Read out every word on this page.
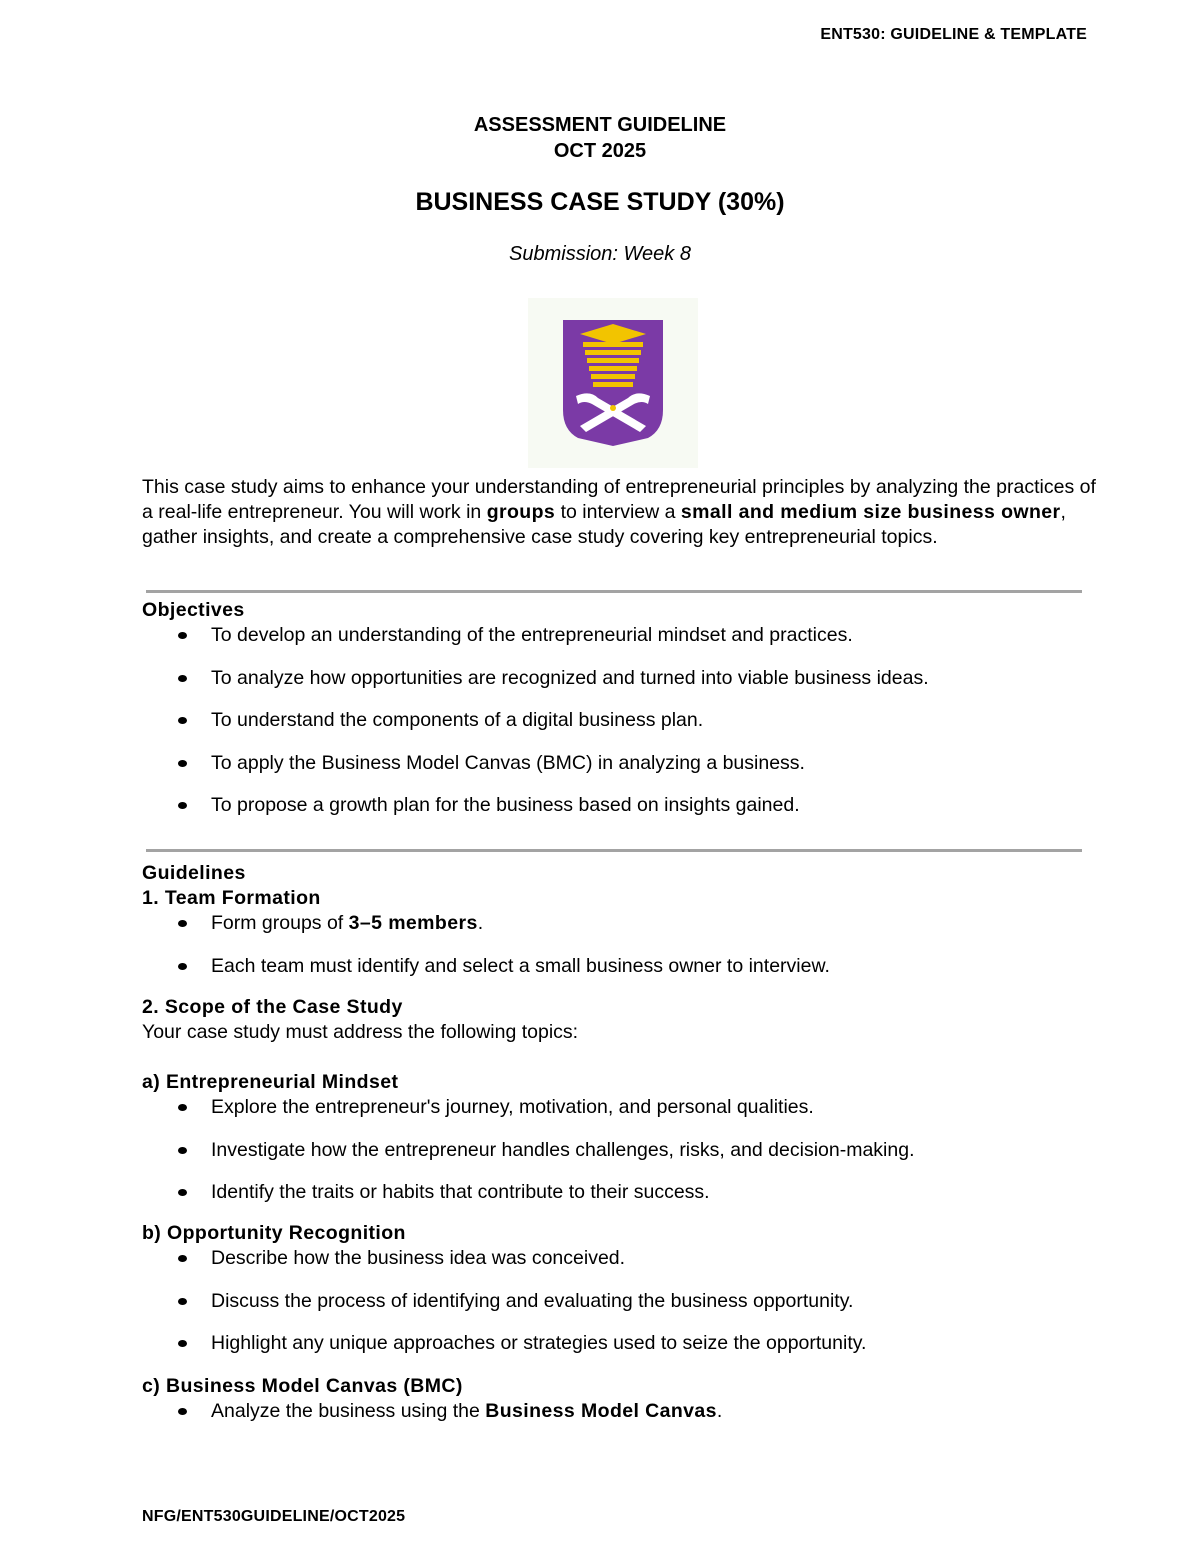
ENT530: GUIDELINE & TEMPLATE
ASSESSMENT GUIDELINE
OCT 2025
BUSINESS CASE STUDY (30%)
Submission: Week 8
This case study aims to enhance your understanding of entrepreneurial principles by analyzing the practices of a real-life entrepreneur. You will work in groups to interview a small and medium size business owner, gather insights, and create a comprehensive case study covering key entrepreneurial topics.
Objectives
To develop an understanding of the entrepreneurial mindset and practices.
To analyze how opportunities are recognized and turned into viable business ideas.
To understand the components of a digital business plan.
To apply the Business Model Canvas (BMC) in analyzing a business.
To propose a growth plan for the business based on insights gained.
Guidelines
1. Team Formation
Form groups of 3–5 members.
Each team must identify and select a small business owner to interview.
2. Scope of the Case Study
Your case study must address the following topics:
a) Entrepreneurial Mindset
Explore the entrepreneur's journey, motivation, and personal qualities.
Investigate how the entrepreneur handles challenges, risks, and decision-making.
Identify the traits or habits that contribute to their success.
b) Opportunity Recognition
Describe how the business idea was conceived.
Discuss the process of identifying and evaluating the business opportunity.
Highlight any unique approaches or strategies used to seize the opportunity.
c) Business Model Canvas (BMC)
Analyze the business using the Business Model Canvas.
NFG/ENT530GUIDELINE/OCT2025
